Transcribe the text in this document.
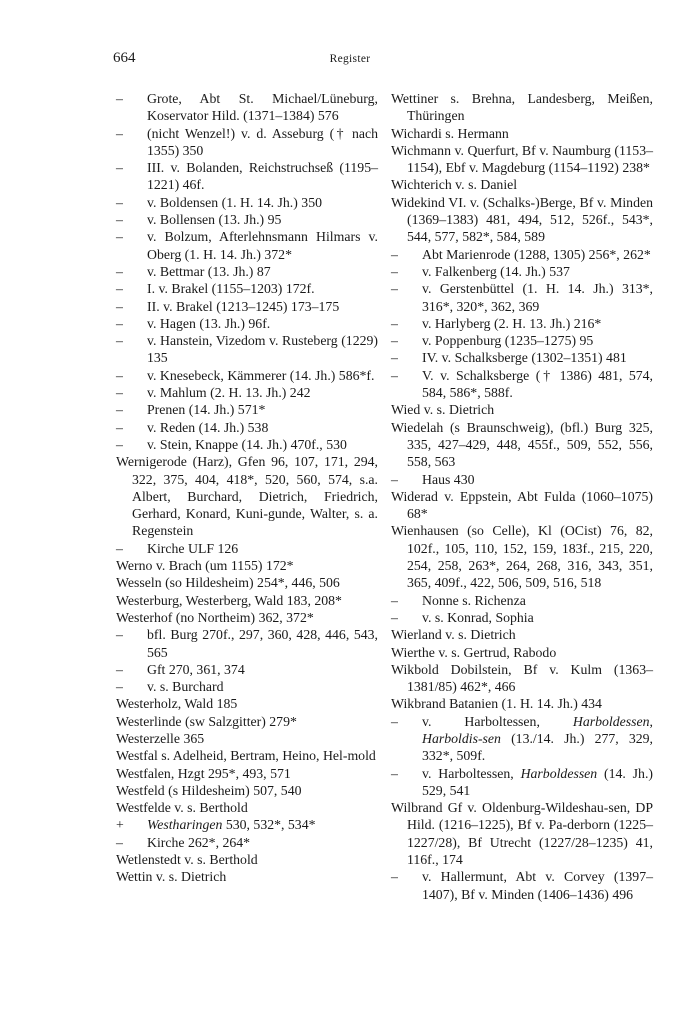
664	Register
– Grote, Abt St. Michael/Lüneburg, Koservator Hild. (1371–1384) 576
– (nicht Wenzel!) v. d. Asseburg († nach 1355) 350
– III. v. Bolanden, Reichstruchseß (1195–1221) 46f.
– v. Boldensen (1. H. 14. Jh.) 350
– v. Bollensen (13. Jh.) 95
– v. Bolzum, Afterlehnsmann Hilmars v. Oberg (1. H. 14. Jh.) 372*
– v. Bettmar (13. Jh.) 87
– I. v. Brakel (1155–1203) 172f.
– II. v. Brakel (1213–1245) 173–175
– v. Hagen (13. Jh.) 96f.
– v. Hanstein, Vizedom v. Rusteberg (1229) 135
– v. Knesebeck, Kämmerer (14. Jh.) 586*f.
– v. Mahlum (2. H. 13. Jh.) 242
– Prenen (14. Jh.) 571*
– v. Reden (14. Jh.) 538
– v. Stein, Knappe (14. Jh.) 470f., 530
Wernigerode (Harz), Gfen 96, 107, 171, 294, 322, 375, 404, 418*, 520, 560, 574, s.a. Albert, Burchard, Dietrich, Friedrich, Gerhard, Konard, Kuni-gunde, Walter, s. a. Regenstein
– Kirche ULF 126
Werno v. Brach (um 1155) 172*
Wesseln (so Hildesheim) 254*, 446, 506
Westerburg, Westerberg, Wald 183, 208*
Westerhof (no Northeim) 362, 372*
– bfl. Burg 270f., 297, 360, 428, 446, 543, 565
– Gft 270, 361, 374
– v. s. Burchard
Westerholz, Wald 185
Westerlinde (sw Salzgitter) 279*
Westerzelle 365
Westfal s. Adelheid, Bertram, Heino, Hel-mold
Westfalen, Hzgt 295*, 493, 571
Westfeld (s Hildesheim) 507, 540
Westfelde v. s. Berthold
+ Westharingen 530, 532*, 534*
– Kirche 262*, 264*
Wetlenstedt v. s. Berthold
Wettin v. s. Dietrich
Wettiner s. Brehna, Landesberg, Meißen, Thüringen
Wichardi s. Hermann
Wichmann v. Querfurt, Bf v. Naumburg (1153–1154), Ebf v. Magdeburg (1154–1192) 238*
Wichterich v. s. Daniel
Widekind VI. v. (Schalks-)Berge, Bf v. Minden (1369–1383) 481, 494, 512, 526f., 543*, 544, 577, 582*, 584, 589
– Abt Marienrode (1288, 1305) 256*, 262*
– v. Falkenberg (14. Jh.) 537
– v. Gerstenbüttel (1. H. 14. Jh.) 313*, 316*, 320*, 362, 369
– v. Harlyberg (2. H. 13. Jh.) 216*
– v. Poppenburg (1235–1275) 95
– IV. v. Schalksberge (1302–1351) 481
– V. v. Schalksberge († 1386) 481, 574, 584, 586*, 588f.
Wied v. s. Dietrich
Wiedelah (s Braunschweig), (bfl.) Burg 325, 335, 427–429, 448, 455f., 509, 552, 556, 558, 563
– Haus 430
Widerad v. Eppstein, Abt Fulda (1060–1075) 68*
Wienhausen (so Celle), Kl (OCist) 76, 82, 102f., 105, 110, 152, 159, 183f., 215, 220, 254, 258, 263*, 264, 268, 316, 343, 351, 365, 409f., 422, 506, 509, 516, 518
– Nonne s. Richenza
– v. s. Konrad, Sophia
Wierland v. s. Dietrich
Wierthe v. s. Gertrud, Rabodo
Wikbold Dobilstein, Bf v. Kulm (1363–1381/85) 462*, 466
Wikbrand Batanien (1. H. 14. Jh.) 434
– v. Harboltessen, Harboldessen, Harboldis-sen (13./14. Jh.) 277, 329, 332*, 509f.
– v. Harboltessen, Harboldessen (14. Jh.) 529, 541
Wilbrand Gf v. Oldenburg-Wildeshau-sen, DP Hild. (1216–1225), Bf v. Pa-derborn (1225–1227/28), Bf Utrecht (1227/28–1235) 41, 116f., 174
– v. Hallermunt, Abt v. Corvey (1397–1407), Bf v. Minden (1406–1436) 496
